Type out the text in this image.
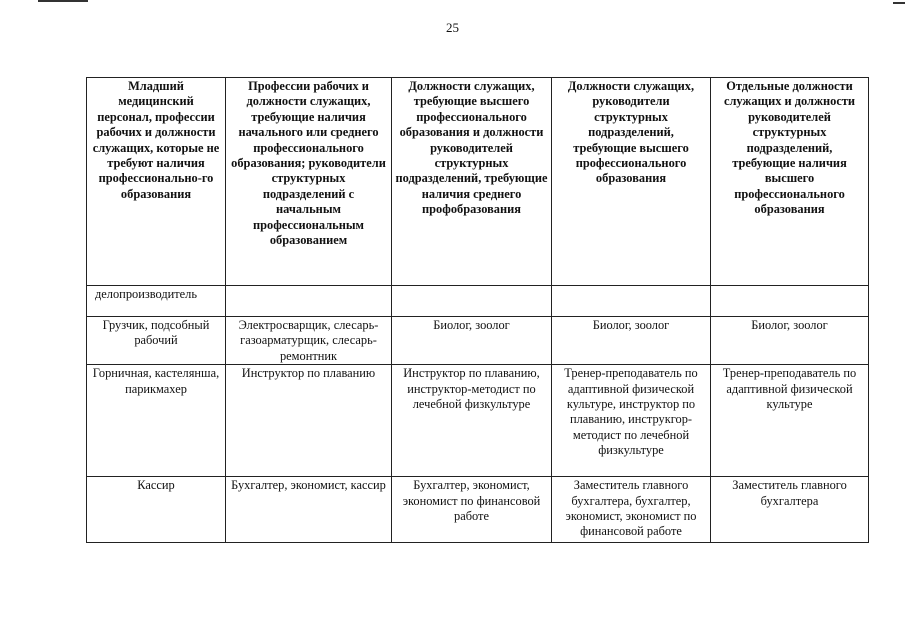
25
Младший медицинский персонал, профессии рабочих и должности служащих, которые не требуют наличия профессионально-го образования	Профессии рабочих и должности служащих, требующие наличия начального или среднего профессионального образования; руководители структурных подразделений с начальным профессиональным образованием	Должности служащих, требующие высшего профессионального образования и должности руководителей структурных подразделений, требующие наличия среднего профобразования	Должности служащих, руководители структурных подразделений, требующие высшего профессионального образования	Отдельные должности служащих и должности руководителей структурных подразделений, требующие наличия высшего профессионального образования
делопроизводитель				
Грузчик, подсобный рабочий	Электросварщик, слесарь-газоарматурщик, слесарь-ремонтник	Биолог, зоолог	Биолог, зоолог	Биолог, зоолог
Горничная, кастелянша, парикмахер	Инструктор по плаванию	Инструктор по плаванию, инструктор-методист по лечебной физкультуре	Тренер-преподаватель по адаптивной физической культуре, инструктор по плаванию, инструкгор-методист по лечебной физкультуре	Тренер-преподаватель по адаптивной физической культуре
Кассир	Бухгалтер, экономист, кассир	Бухгалтер, экономист, экономист по финансовой работе	Заместитель главного бухгалтера, бухгалтер, экономист, экономист по финансовой работе	Заместитель главного бухгалтера
